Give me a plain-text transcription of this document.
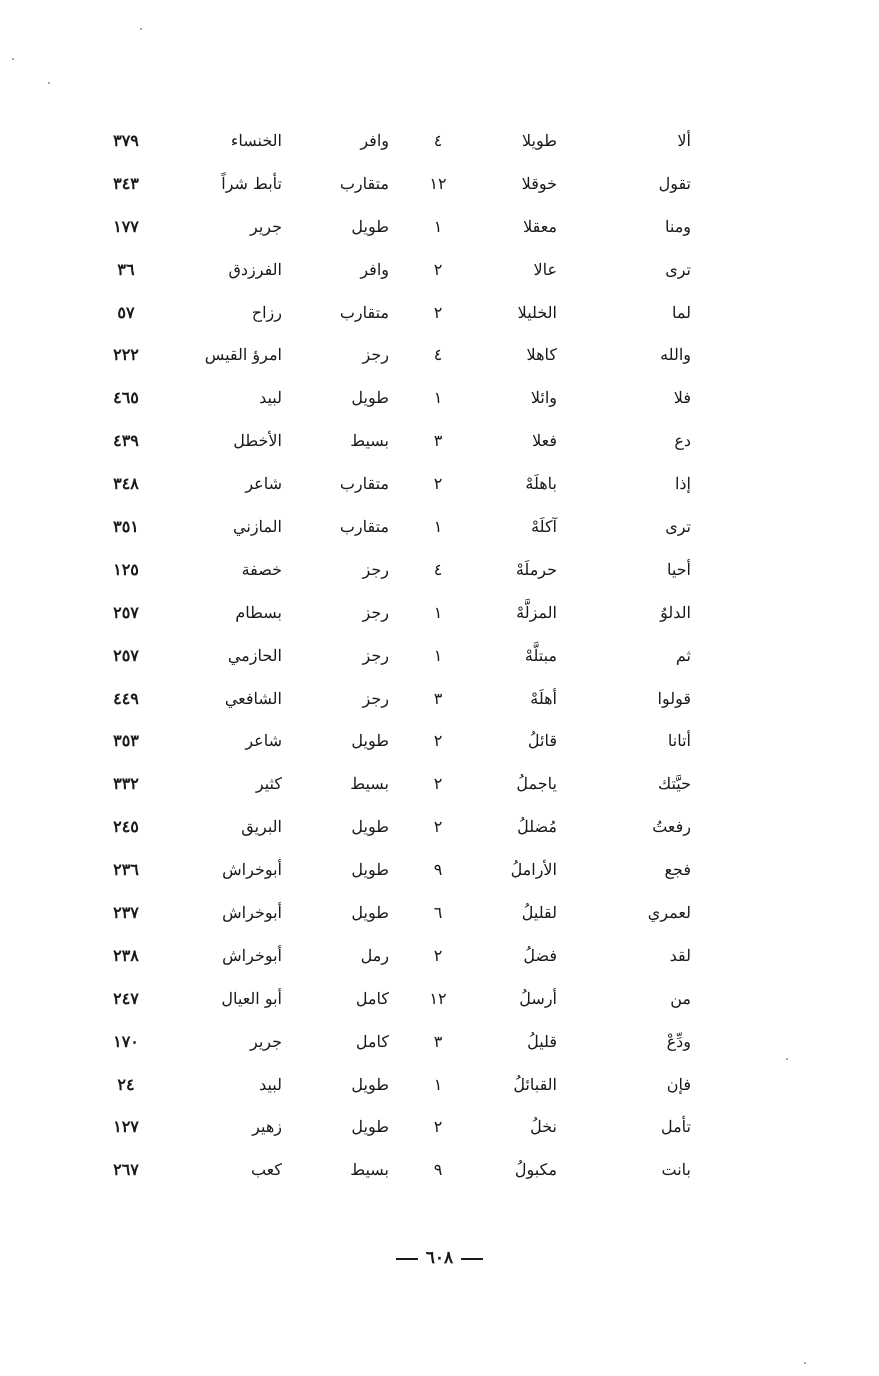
ألا
طويلا
٤
وافر
الخنساء
٣٧٩
تقول
خوقلا
١٢
متقارب
تأبط شراً
٣٤٣
ومنا
معقلا
١
طويل
جرير
١٧٧
ترى
عالا
٢
وافر
الفرزدق
٣٦
لما
الخليلا
٢
متقارب
رزاح
٥٧
والله
كاهلا
٤
رجز
امرؤ القيس
٢٢٢
فلا
وائلا
١
طويل
لبيد
٤٦٥
دع
فعلا
٣
بسيط
الأخطل
٤٣٩
إذا
باهلَهْ
٢
متقارب
شاعر
٣٤٨
ترى
آكلَهْ
١
متقارب
المازني
٣٥١
أحيا
حرملَهْ
٤
رجز
خصفة
١٢٥
الدلوُ
المزلَّهْ
١
رجز
بسطام
٢٥٧
ثم
مبتلَّهْ
١
رجز
الحازمي
٢٥٧
قولوا
أهلَهْ
٣
رجز
الشافعي
٤٤٩
أتانا
قائلُ
٢
طويل
شاعر
٣٥٣
حيَّتك
ياجملُ
٢
بسيط
كثير
٣٣٢
رفعتُ
مُضللُ
٢
طويل
البريق
٢٤٥
فجع
الأراملُ
٩
طويل
أبوخراش
٢٣٦
لعمري
لقليلُ
٦
طويل
أبوخراش
٢٣٧
لقد
فضلُ
٢
رمل
أبوخراش
٢٣٨
من
أرسلُ
١٢
كامل
أبو العيال
٢٤٧
ودِّعْ
قليلُ
٣
كامل
جرير
١٧٠
فإن
القبائلُ
١
طويل
لبيد
٢٤
تأمل
نخلُ
٢
طويل
زهير
١٢٧
بانت
مكبولُ
٩
بسيط
كعب
٢٦٧
٦٠٨
